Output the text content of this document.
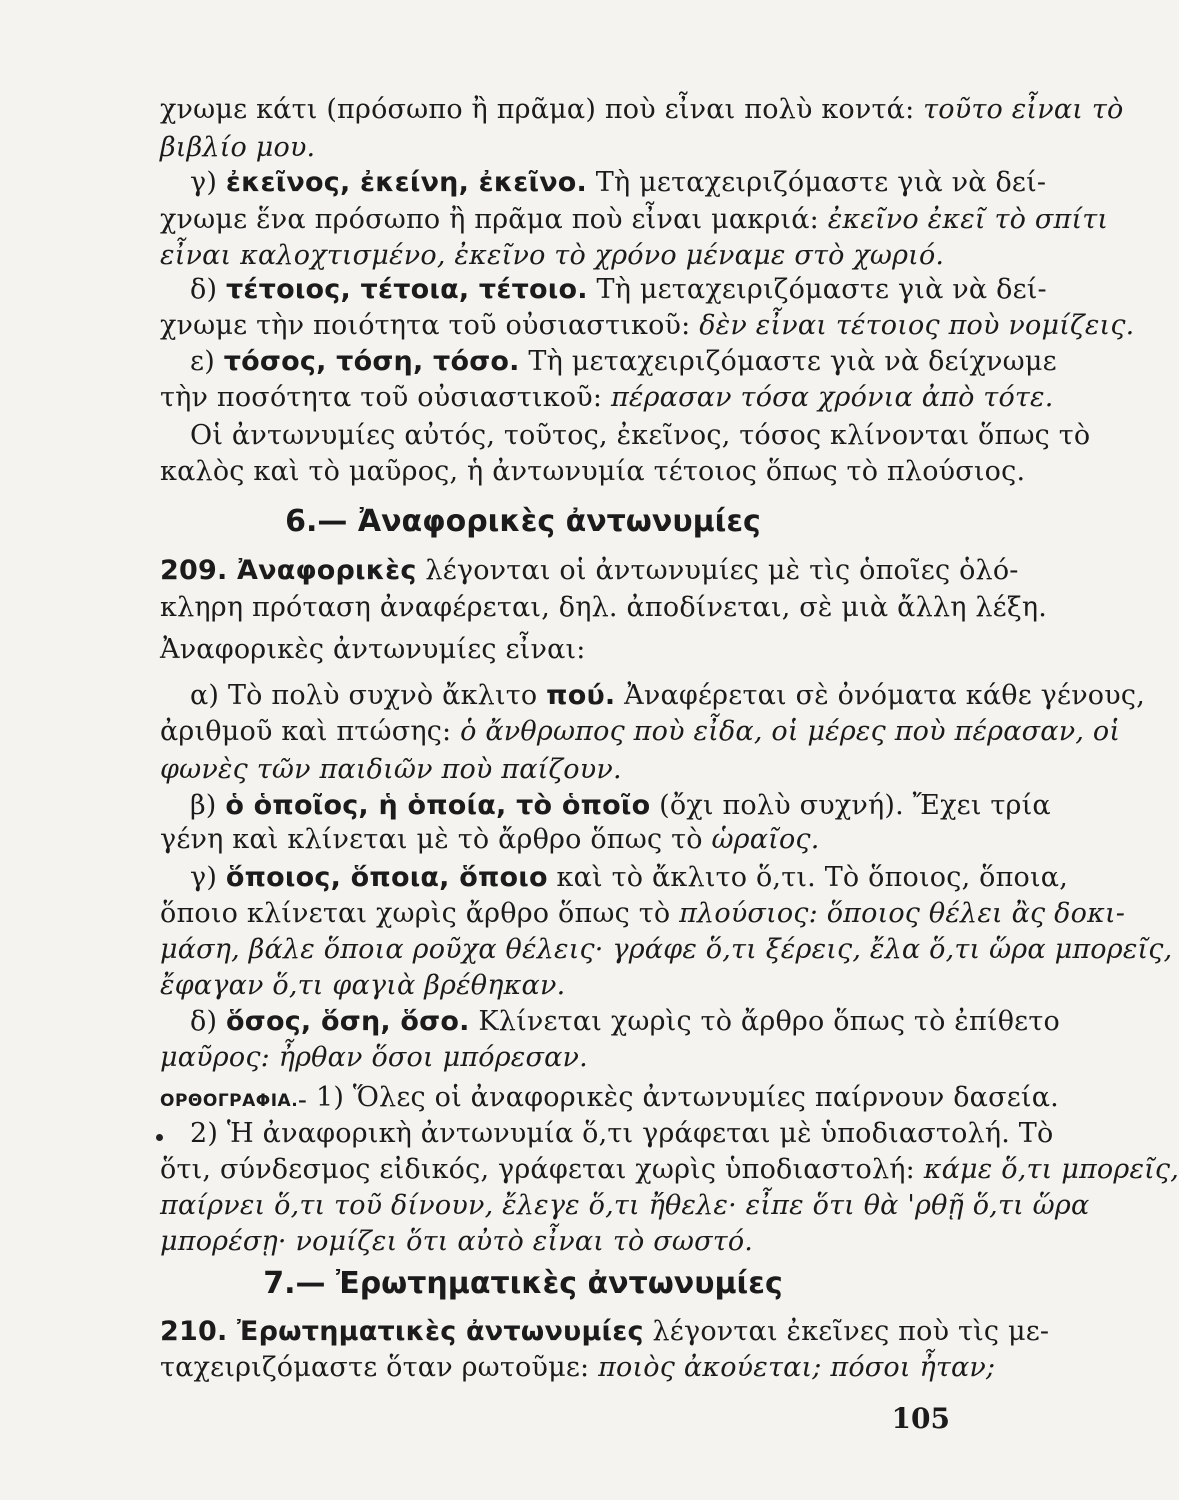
χνωμε κάτι (πρόσωπο ἢ πρᾶμα) ποὺ εἶναι πολὺ κοντά: τοῦτο εἶναι τὸ
βιβλίο μου.
γ) ἐκεῖνος, ἐκείνη, ἐκεῖνο. Τὴ μεταχειριζόμαστε γιὰ νὰ δεί-
χνωμε ἕνα πρόσωπο ἢ πρᾶμα ποὺ εἶναι μακριά: ἐκεῖνο ἐκεῖ τὸ σπίτι
εἶναι καλοχτισμένο, ἐκεῖνο τὸ χρόνο μέναμε στὸ χωριό.
δ) τέτοιος, τέτοια, τέτοιο. Τὴ μεταχειριζόμαστε γιὰ νὰ δεί-
χνωμε τὴν ποιότητα τοῦ οὐσιαστικοῦ: δὲν εἶναι τέτοιος ποὺ νομίζεις.
ε) τόσος, τόση, τόσο. Τὴ μεταχειριζόμαστε γιὰ νὰ δείχνωμε
τὴν ποσότητα τοῦ οὐσιαστικοῦ: πέρασαν τόσα χρόνια ἀπὸ τότε.
Οἱ ἀντωνυμίες αὐτός, τοῦτος, ἐκεῖνος, τόσος κλίνονται ὅπως τὸ
καλὸς καὶ τὸ μαῦρος, ἡ ἀντωνυμία τέτοιος ὅπως τὸ πλούσιος.
6.— Ἀναφορικὲς ἀντωνυμίες
209. Ἀναφορικὲς λέγονται οἱ ἀντωνυμίες μὲ τὶς ὁποῖες ὁλό-
κληρη πρόταση ἀναφέρεται, δηλ. ἀποδίνεται, σὲ μιὰ ἄλλη λέξη.
Ἀναφορικὲς ἀντωνυμίες εἶναι:
α) Τὸ πολὺ συχνὸ ἄκλιτο πού. Ἀναφέρεται σὲ ὀνόματα κάθε γένους,
ἀριθμοῦ καὶ πτώσης: ὁ ἄνθρωπος ποὺ εἶδα, οἱ μέρες ποὺ πέρασαν, οἱ
φωνὲς τῶν παιδιῶν ποὺ παίζουν.
β) ὁ ὁποῖος, ἡ ὁποία, τὸ ὁποῖο (ὄχι πολὺ συχνή). Ἔχει τρία
γένη καὶ κλίνεται μὲ τὸ ἄρθρο ὅπως τὸ ὡραῖος.
γ) ὅποιος, ὅποια, ὅποιο καὶ τὸ ἄκλιτο ὅ,τι. Τὸ ὅποιος, ὅποια,
ὅποιο κλίνεται χωρὶς ἄρθρο ὅπως τὸ πλούσιος: ὅποιος θέλει ἂς δοκι-
μάση, βάλε ὅποια ροῦχα θέλεις· γράφε ὅ,τι ξέρεις, ἔλα ὅ,τι ὥρα μπορεῖς,
ἔφαγαν ὅ,τι φαγιὰ βρέθηκαν.
δ) ὅσος, ὅση, ὅσο. Κλίνεται χωρὶς τὸ ἄρθρο ὅπως τὸ ἐπίθετο
μαῦρος: ἦρθαν ὅσοι μπόρεσαν.
ΟΡΘΟΓΡΑΦΙΑ.– 1) Ὅλες οἱ ἀναφορικὲς ἀντωνυμίες παίρνουν δασεία.
2) Ἡ ἀναφορικὴ ἀντωνυμία ὅ,τι γράφεται μὲ ὑποδιαστολή. Τὸ
ὅτι, σύνδεσμος εἰδικός, γράφεται χωρὶς ὑποδιαστολή: κάμε ὅ,τι μπορεῖς,
παίρνει ὅ,τι τοῦ δίνουν, ἔλεγε ὅ,τι ἤθελε· εἶπε ὅτι θὰ 'ρθῇ ὅ,τι ὥρα
μπορέσῃ· νομίζει ὅτι αὐτὸ εἶναι τὸ σωστό.
7.— Ἐρωτηματικὲς ἀντωνυμίες
210. Ἐρωτηματικὲς ἀντωνυμίες λέγονται ἐκεῖνες ποὺ τὶς με-
ταχειριζόμαστε ὅταν ρωτοῦμε: ποιὸς ἀκούεται; πόσοι ἦταν;
105
